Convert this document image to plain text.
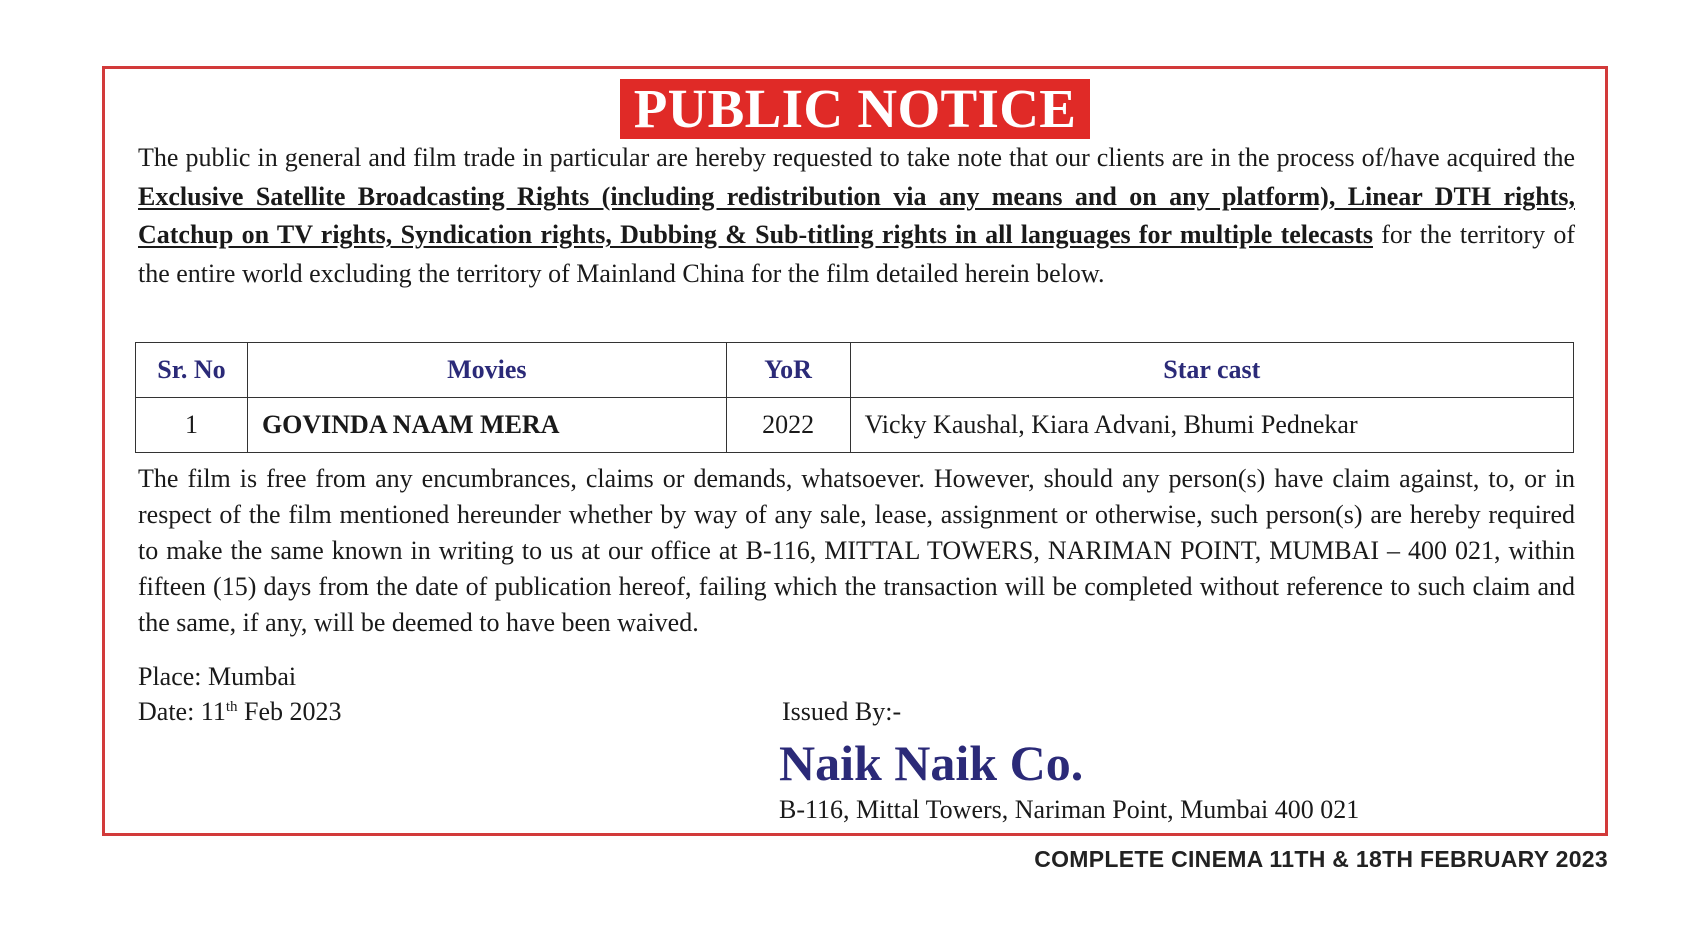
PUBLIC NOTICE

The public in general and film trade in particular are hereby requested to take note that our clients are in the process of/have acquired the Exclusive Satellite Broadcasting Rights (including redistribution via any means and on any platform), Linear DTH rights, Catchup on TV rights, Syndication rights, Dubbing & Sub-titling rights in all languages for multiple telecasts for the territory of the entire world excluding the territory of Mainland China for the film detailed herein below.

Sr. No	Movies	YoR	Star cast
1	GOVINDA NAAM MERA	2022	Vicky Kaushal, Kiara Advani, Bhumi Pednekar

The film is free from any encumbrances, claims or demands, whatsoever. However, should any person(s) have claim against, to, or in respect of the film mentioned hereunder whether by way of any sale, lease, assignment or otherwise, such person(s) are hereby required to make the same known in writing to us at our office at B-116, MITTAL TOWERS, NARIMAN POINT, MUMBAI – 400 021, within fifteen (15) days from the date of publication hereof, failing which the transaction will be completed without reference to such claim and the same, if any, will be deemed to have been waived.

Place: Mumbai
Date: 11th Feb 2023	Issued By:-
Naik Naik Co.
B-116, Mittal Towers, Nariman Point, Mumbai 400 021
COMPLETE CINEMA 11TH & 18TH FEBRUARY 2023
